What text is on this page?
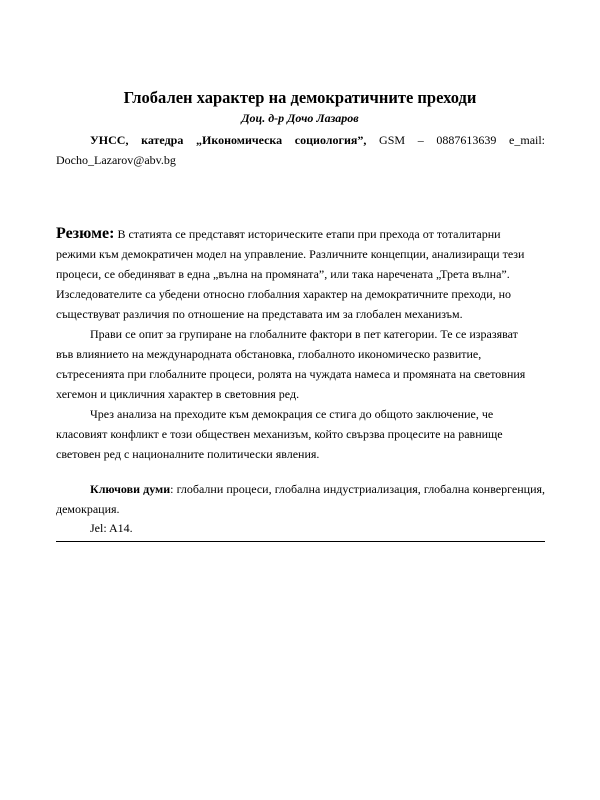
Глобален характер на демократичните преходи

Доц. д-р Дочо Лазаров

УНСС, катедра „Икономическа социология”, GSM – 0887613639 e_mail:

Docho_Lazarov@abv.bg

Резюме: В статията се представят историческите етапи при прехода от тоталитарни режими към демократичен модел на управление. Различните концепции, анализиращи тези процеси, се обединяват в една „вълна на промяната”, или така наречената „Трета вълна”. Изследователите са убедени относно глобалния характер на демократичните преходи, но съществуват различия по отношение на представата им за глобален механизъм.

Прави се опит за групиране на глобалните фактори в пет категории. Те се изразяват във влиянието на международната обстановка, глобалното икономическо развитие, сътресенията при глобалните процеси, ролята на чуждата намеса и промяната на световния хегемон и цикличния характер в световния ред.

Чрез анализа на преходите към демокрация се стига до общото заключение, че класовият конфликт е този обществен механизъм, който свързва процесите на равнище световен ред с националните политически явления.

Ключови думи: глобални процеси, глобална индустриализация, глобална конвергенция, демокрация.

Jel: A14.
